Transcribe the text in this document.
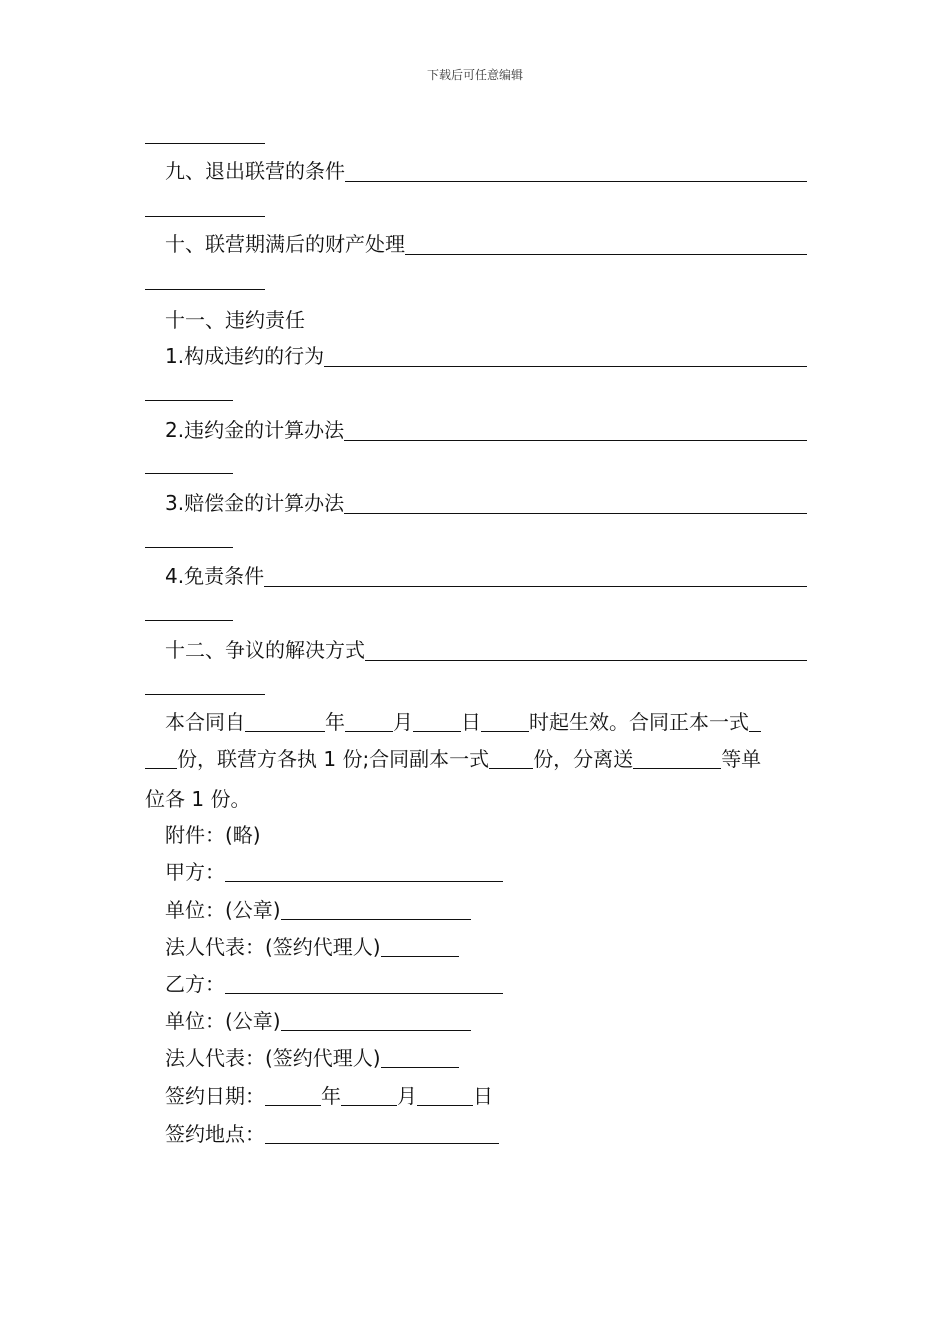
下载后可任意编辑
九、退出联营的条件
十、联营期满后的财产处理
十一、违约责任
1.构成违约的行为
2.违约金的计算办法
3.赔偿金的计算办法
4.免责条件
十二、争议的解决方式
本合同自	年 月 日 时起生效。合同正本一式
份，联营方各执 1 份;合同副本一式 份，分离送	等单
位各 1 份。
附件：(略)
甲方：
单位：(公章)
法人代表：(签约代理人)
乙方：
单位：(公章)
法人代表：(签约代理人)
签约日期：	年	月	日
签约地点：
